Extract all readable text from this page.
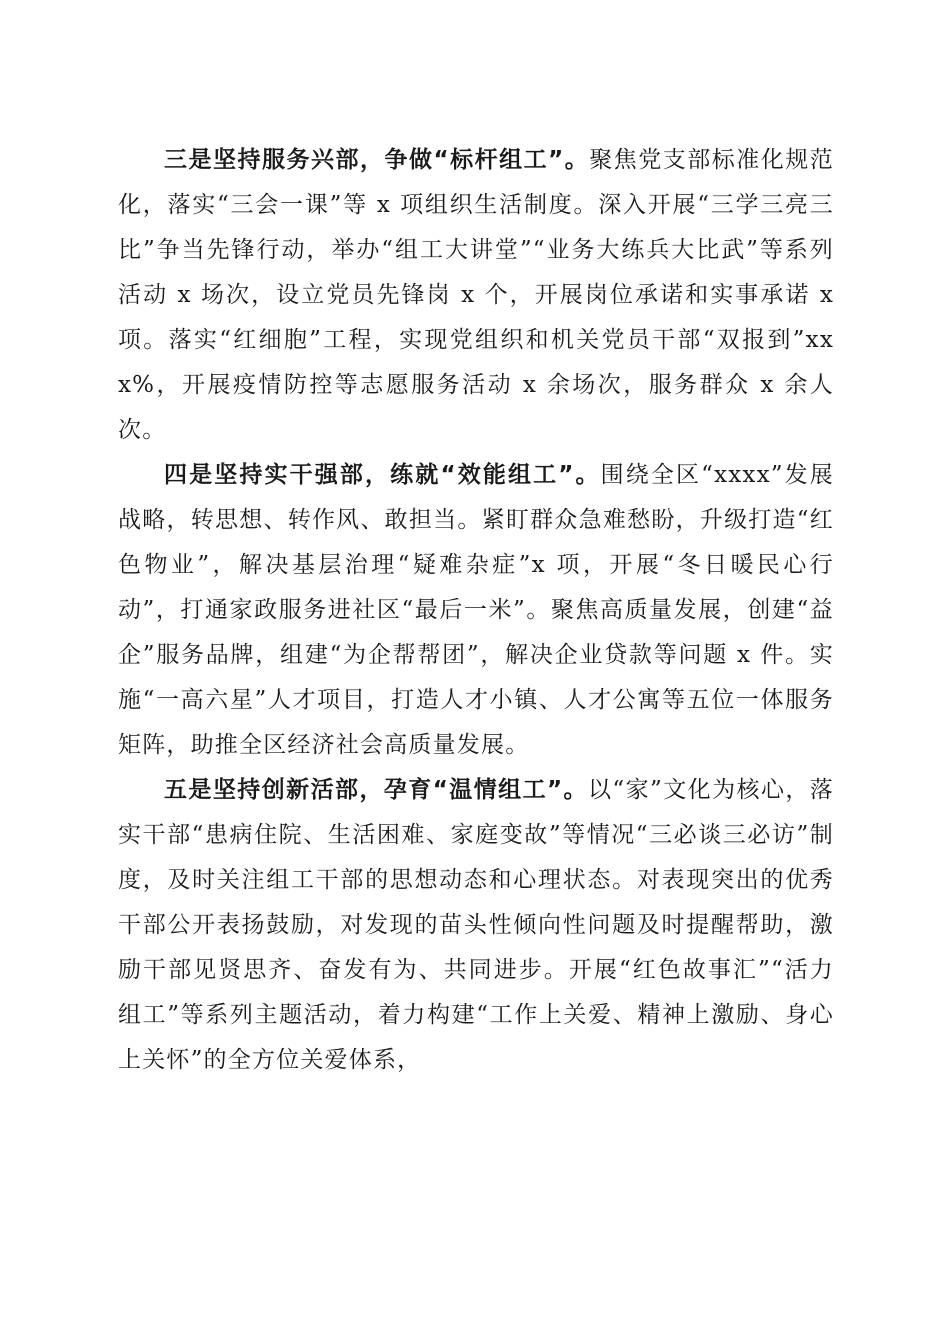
三是坚持服务兴部，争做“标杆组工”。聚焦党支部标准化规范化，落实“三会一课”等 x 项组织生活制度。深入开展“三学三亮三比”争当先锋行动，举办“组工大讲堂”“业务大练兵大比武”等系列活动 x 场次，设立党员先锋岗 x 个，开展岗位承诺和实事承诺 x 项。落实“红细胞”工程，实现党组织和机关党员干部“双报到”xxx%，开展疫情防控等志愿服务活动 x 余场次，服务群众 x 余人次。

四是坚持实干强部，练就“效能组工”。围绕全区“xxxx”发展战略，转思想、转作风、敢担当。紧盯群众急难愁盼，升级打造“红色物业”，解决基层治理“疑难杂症”x 项，开展“冬日暖民心行动”，打通家政服务进社区“最后一米”。聚焦高质量发展，创建“益企”服务品牌，组建“为企帮帮团”，解决企业贷款等问题 x 件。实施“一高六星”人才项目，打造人才小镇、人才公寓等五位一体服务矩阵，助推全区经济社会高质量发展。

五是坚持创新活部，孕育“温情组工”。以“家”文化为核心，落实干部“患病住院、生活困难、家庭变故”等情况“三必谈三必访”制度，及时关注组工干部的思想动态和心理状态。对表现突出的优秀干部公开表扬鼓励，对发现的苗头性倾向性问题及时提醒帮助，激励干部见贤思齐、奋发有为、共同进步。开展“红色故事汇”“活力组工”等系列主题活动，着力构建“工作上关爱、精神上激励、身心上关怀”的全方位关爱体系，
